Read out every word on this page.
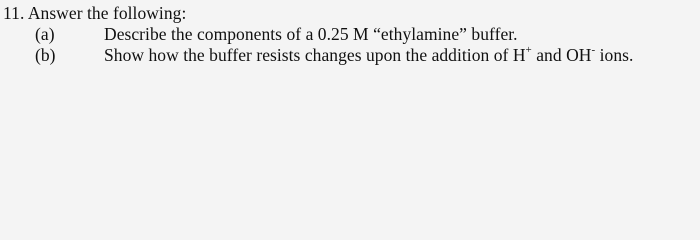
11. Answer the following:
(a)	Describe the components of a 0.25 M “ethylamine” buffer.
(b)	Show how the buffer resists changes upon the addition of H+ and OH- ions.
